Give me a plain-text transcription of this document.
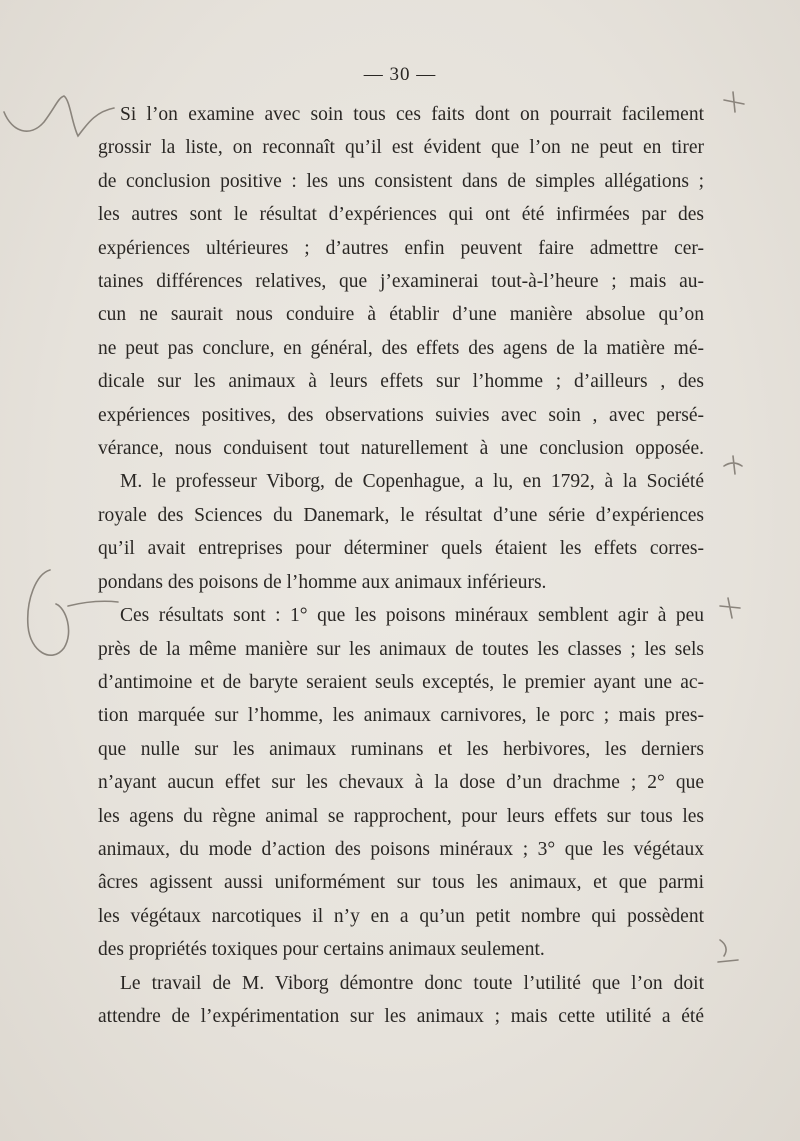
— 30 —

Si l’on examine avec soin tous ces faits dont on pourrait facilement

grossir la liste, on reconnaît qu’il est évident que l’on ne peut en tirer

de conclusion positive : les uns consistent dans de simples allégations ;

les autres sont le résultat d’expériences qui ont été infirmées par des

expériences ultérieures ; d’autres enfin peuvent faire admettre cer-

taines différences relatives, que j’examinerai tout-à-l’heure ; mais au-

cun ne saurait nous conduire à établir d’une manière absolue qu’on

ne peut pas conclure, en général, des effets des agens de la matière mé-

dicale sur les animaux à leurs effets sur l’homme ; d’ailleurs , des

expériences positives, des observations suivies avec soin , avec persé-

vérance, nous conduisent tout naturellement à une conclusion opposée.

M. le professeur Viborg, de Copenhague, a lu, en 1792, à la Société

royale des Sciences du Danemark, le résultat d’une série d’expériences

qu’il avait entreprises pour déterminer quels étaient les effets corres-

pondans des poisons de l’homme aux animaux inférieurs.

Ces résultats sont : 1° que les poisons minéraux semblent agir à peu

près de la même manière sur les animaux de toutes les classes ; les sels

d’antimoine et de baryte seraient seuls exceptés, le premier ayant une ac-

tion marquée sur l’homme, les animaux carnivores, le porc ; mais pres-

que nulle sur les animaux ruminans et les herbivores, les derniers

n’ayant aucun effet sur les chevaux à la dose d’un drachme ; 2° que

les agens du règne animal se rapprochent, pour leurs effets sur tous les

animaux, du mode d’action des poisons minéraux ; 3° que les végétaux

âcres agissent aussi uniformément sur tous les animaux, et que parmi

les végétaux narcotiques il n’y en a qu’un petit nombre qui possèdent

des propriétés toxiques pour certains animaux seulement.

Le travail de M. Viborg démontre donc toute l’utilité que l’on doit

attendre de l’expérimentation sur les animaux ; mais cette utilité a été
